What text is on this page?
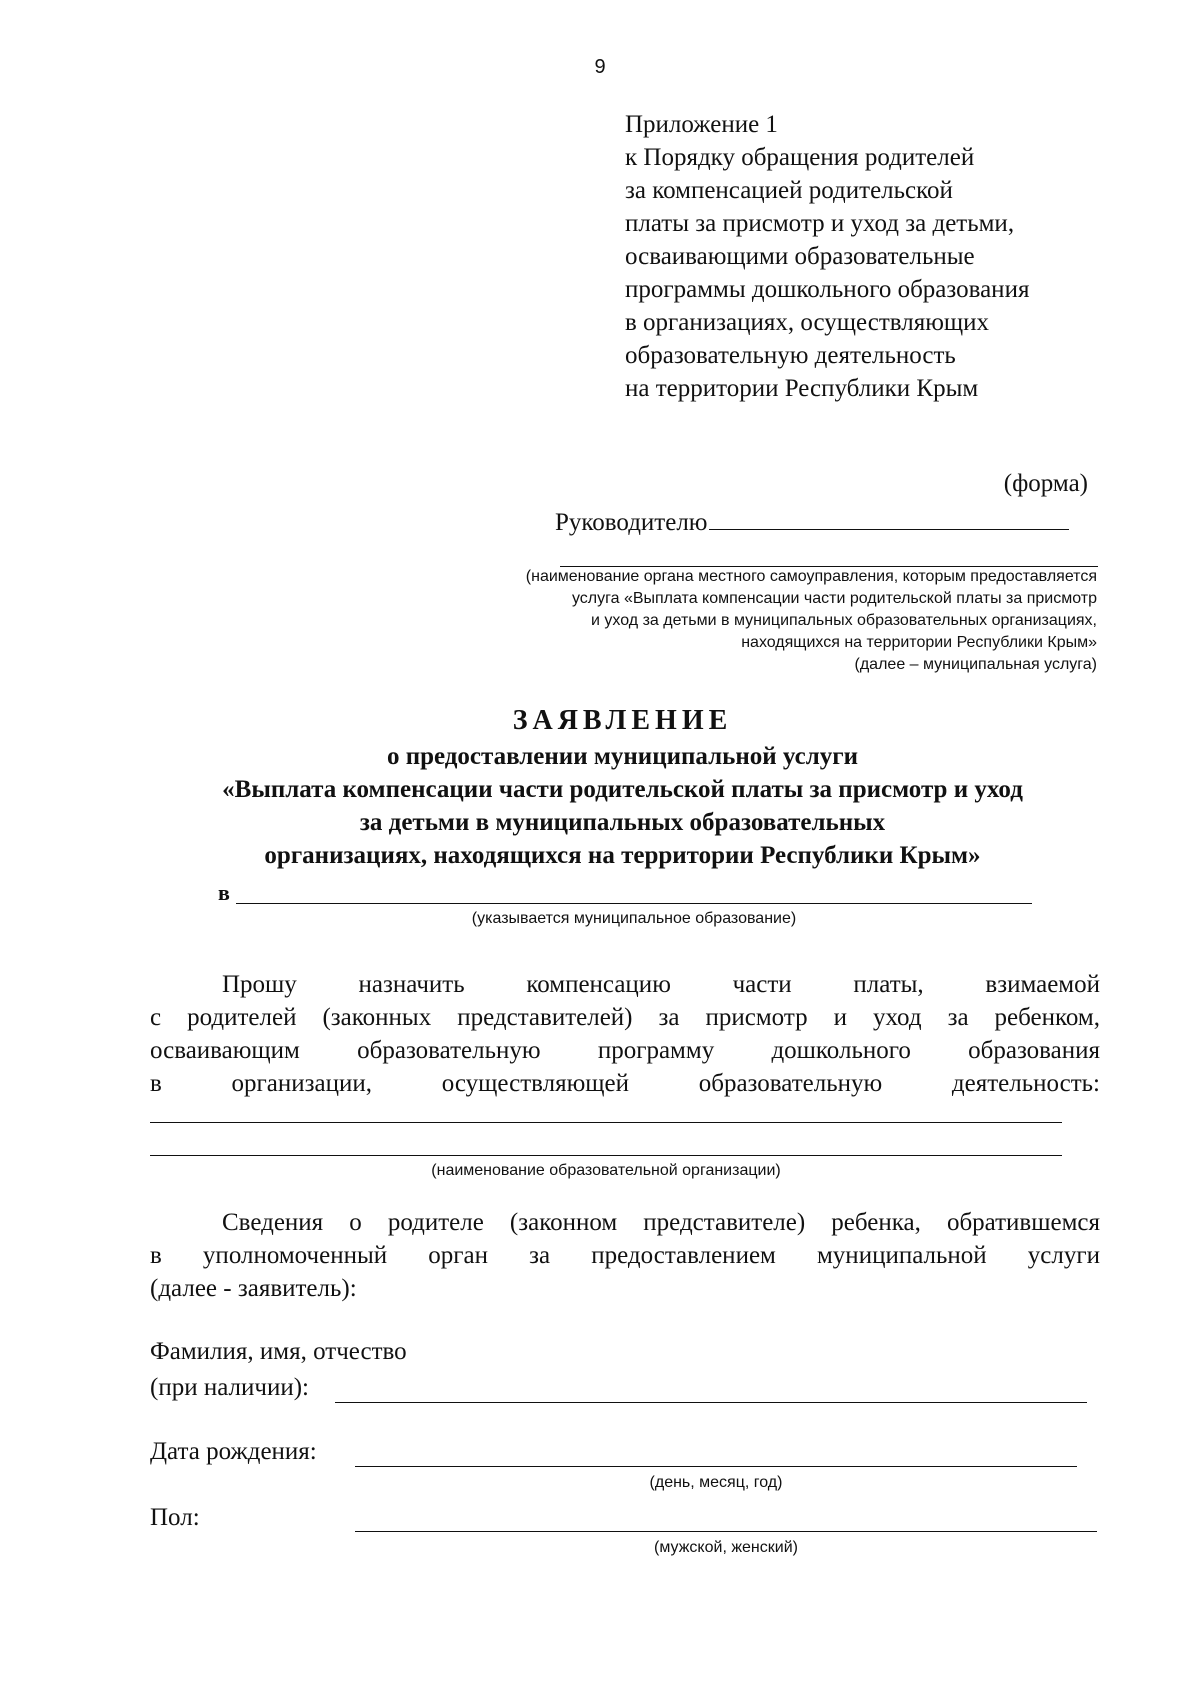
9
Приложение 1
к Порядку обращения родителей
за компенсацией родительской
платы за присмотр и уход за детьми,
осваивающими образовательные
программы дошкольного образования
в организациях, осуществляющих
образовательную деятельность
на территории Республики Крым
(форма)
Руководителю
(наименование органа местного самоуправления, которым предоставляется
услуга «Выплата компенсации части родительской платы за присмотр
и уход за детьми в муниципальных образовательных организациях,
находящихся на территории Республики Крым»
(далее – муниципальная услуга)
ЗАЯВЛЕНИЕ
о предоставлении муниципальной услуги
«Выплата компенсации части родительской платы за присмотр и уход
за детьми в муниципальных образовательных
организациях, находящихся на территории Республики Крым»
в
(указывается муниципальное образование)
Прошу назначить компенсацию части платы, взимаемой
с родителей (законных представителей) за присмотр и уход за ребенком,
осваивающим образовательную программу дошкольного образования
в организации, осуществляющей образовательную деятельность:
(наименование образовательной организации)
Сведения о родителе (законном представителе) ребенка, обратившемся
в уполномоченный орган за предоставлением муниципальной услуги
(далее - заявитель):
Фамилия, имя, отчество
(при наличии):
Дата рождения:
(день, месяц, год)
Пол:
(мужской, женский)
